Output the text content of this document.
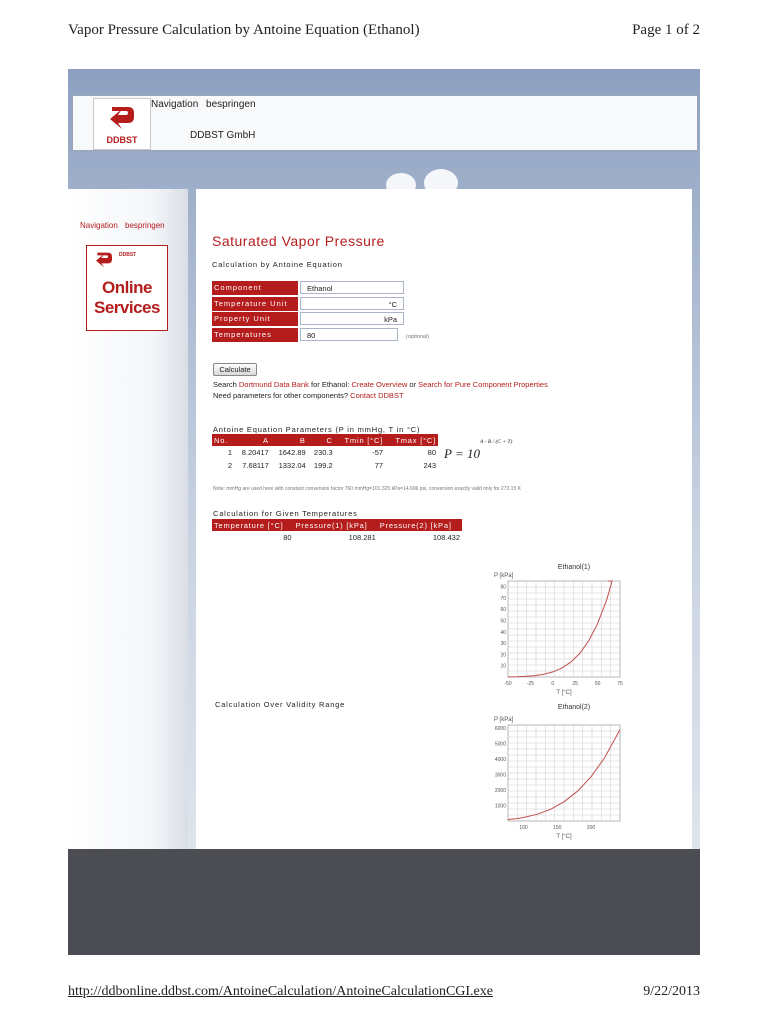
Vapor Pressure Calculation by Antoine Equation (Ethanol)	Page 1 of 2
DDBST
Navigation bespringen
DDBST GmbH
Navigation bespringen
DDBST
Online
Services
Saturated Vapor Pressure
Calculation by Antoine Equation
Component	Ethanol
Temperature Unit	°C
Property Unit	kPa
Temperatures	80	(optional)
Calculate
Search Dortmund Data Bank for Ethanol: Create Overview or Search for Pure Component Properties
Need parameters for other components? Contact DDBST
Antoine Equation Parameters (P in mmHg, T in °C)
No.	A	B	C	Tmin [°C]	Tmax [°C]
1	8.20417	1642.89	230.3	-57	80
2	7.68117	1332.04	199.2	77	243
P = 10
A - B / (C + T)
Note: mmHg are used here with constant conversion factor 760 mmHg=101.325 kPa=14.696 psi, conversion exactly valid only for 273.15 K
Calculation for Given Temperatures
Temperature [°C]	Pressure(1) [kPa]	Pressure(2) [kPa]
80	108.281	108.432
Calculation Over Validity Range
Ethanol(1)
P [kPa]
T [°C]
10
20
30
40
50
60
70
80
-50	-25	0	25	50	75
Ethanol(2)
P [kPa]
T [°C]
1000
2000
3000
4000
5000
6000
100	150	200
http://ddbonline.ddbst.com/AntoineCalculation/AntoineCalculationCGI.exe	9/22/2013
